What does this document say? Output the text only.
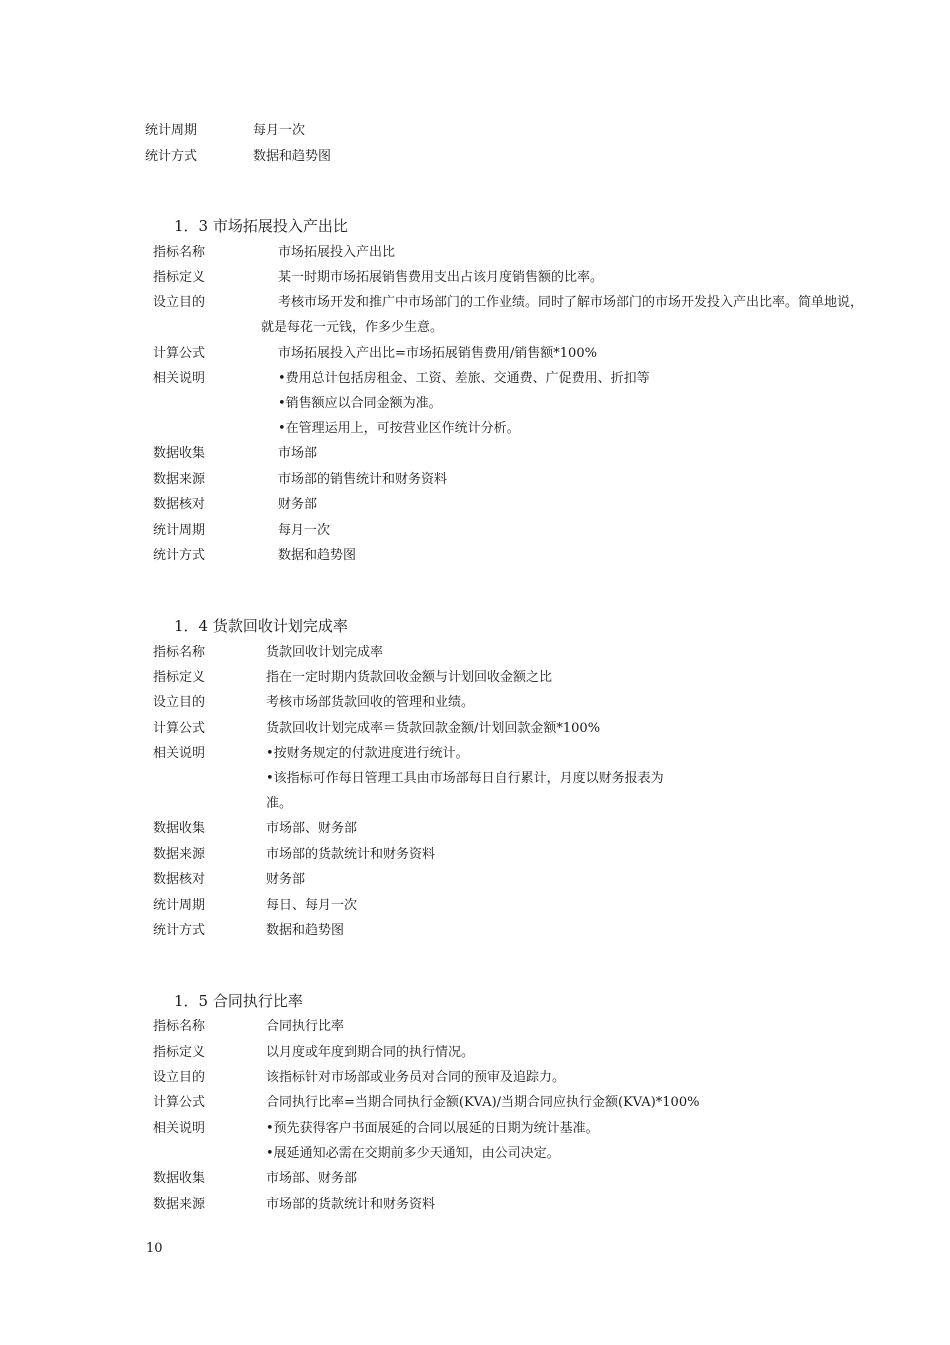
统计周期	每月一次
统计方式	数据和趋势图
1．3 市场拓展投入产出比
指标名称	市场拓展投入产出比
指标定义	某一时期市场拓展销售费用支出占该月度销售额的比率。
设立目的	考核市场开发和推广中市场部门的工作业绩。同时了解市场部门的市场开发投入产出比率。简单地说，
就是每花一元钱，作多少生意。
计算公式	市场拓展投入产出比=市场拓展销售费用/销售额*100%
相关说明	•费用总计包括房租金、工资、差旅、交通费、广促费用、折扣等
•销售额应以合同金额为准。
•在管理运用上，可按营业区作统计分析。
数据收集	市场部
数据来源	市场部的销售统计和财务资料
数据核对	财务部
统计周期	每月一次
统计方式	数据和趋势图
1．4 货款回收计划完成率
指标名称	货款回收计划完成率
指标定义	指在一定时期内货款回收金额与计划回收金额之比
设立目的	考核市场部货款回收的管理和业绩。
计算公式	货款回收计划完成率＝货款回款金额/计划回款金额*100%
相关说明	•按财务规定的付款进度进行统计。
•该指标可作每日管理工具由市场部每日自行累计，月度以财务报表为
准。
数据收集	市场部、财务部
数据来源	市场部的货款统计和财务资料
数据核对	财务部
统计周期	每日、每月一次
统计方式	数据和趋势图
1．5 合同执行比率
指标名称	合同执行比率
指标定义	以月度或年度到期合同的执行情况。
设立目的	该指标针对市场部或业务员对合同的预审及追踪力。
计算公式	合同执行比率=当期合同执行金额(KVA)/当期合同应执行金额(KVA)*100%
相关说明	•预先获得客户书面展延的合同以展延的日期为统计基准。
•展延通知必需在交期前多少天通知，由公司决定。
数据收集	市场部、财务部
数据来源	市场部的货款统计和财务资料
10
